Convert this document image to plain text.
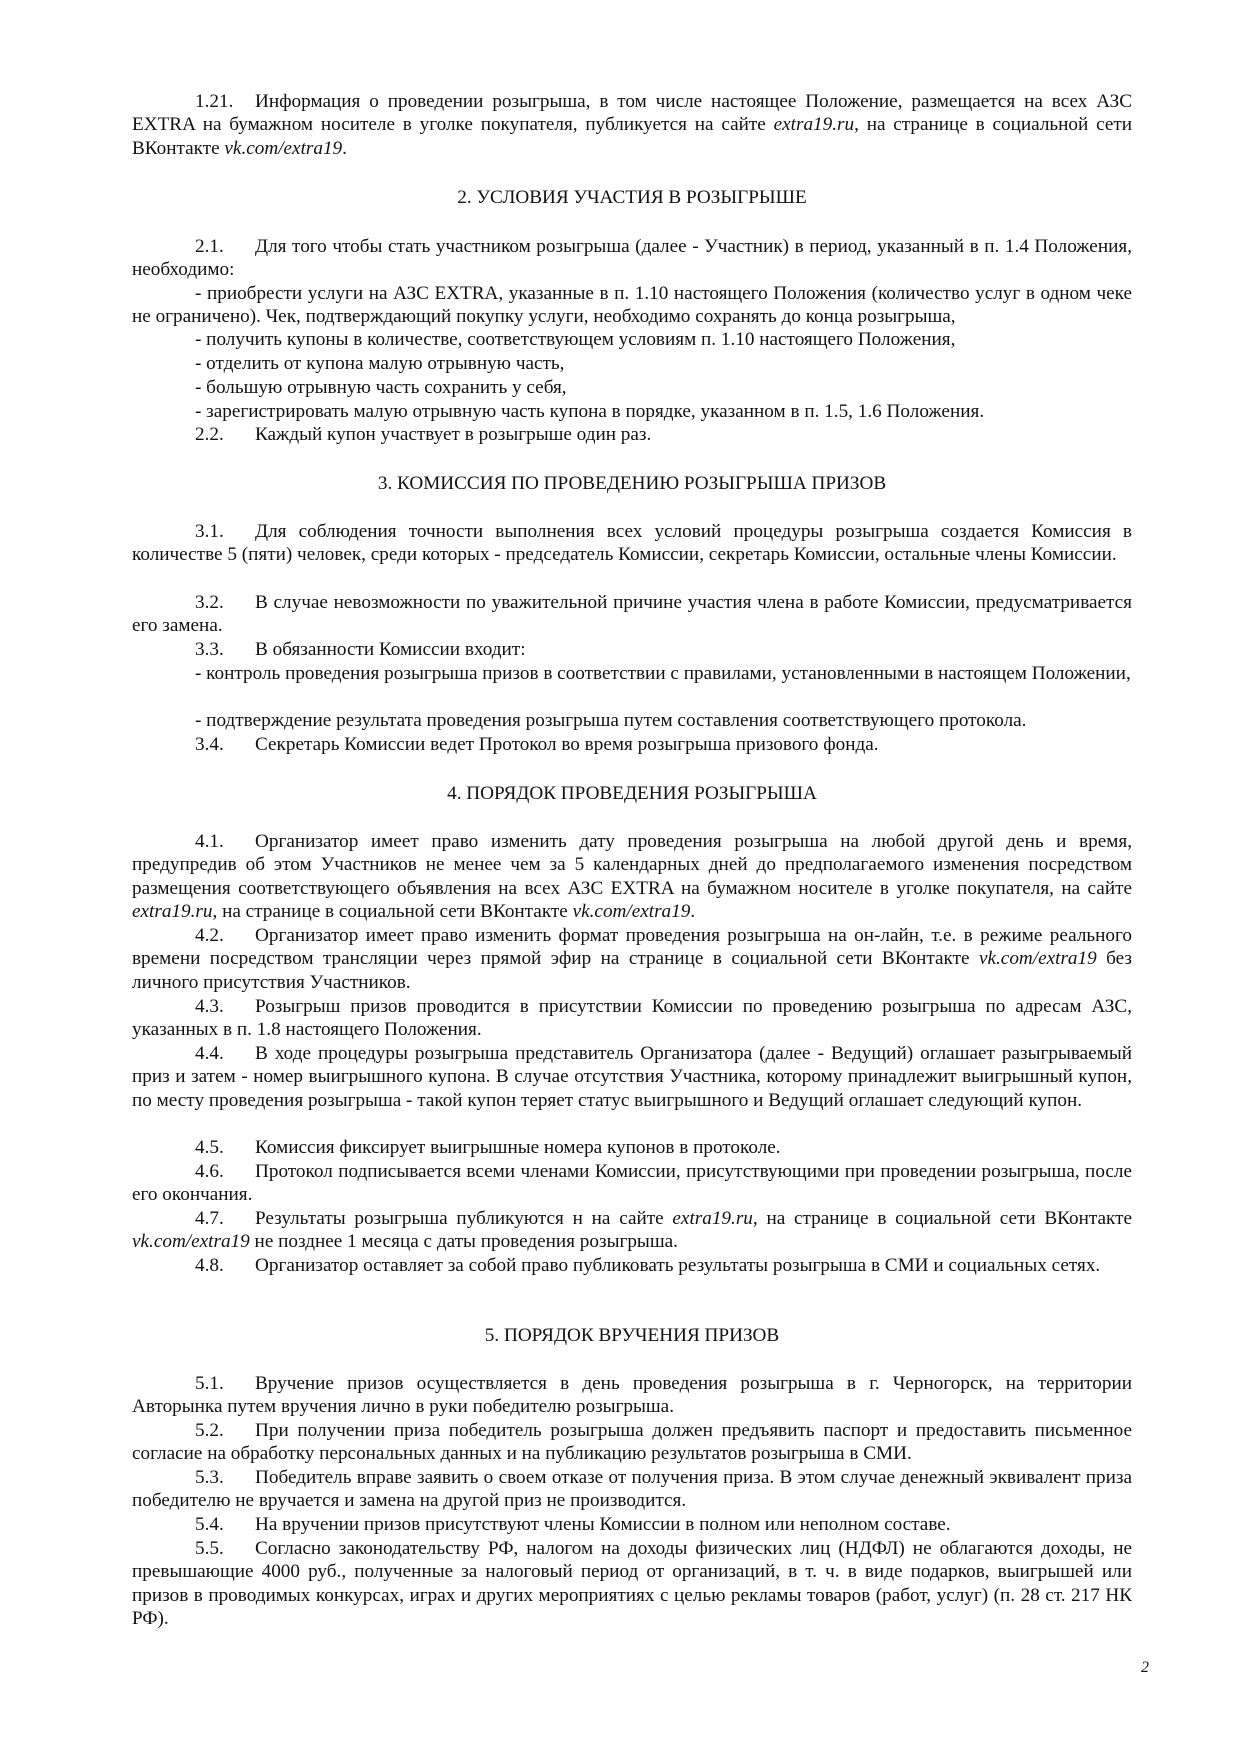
1.21. Информация о проведении розыгрыша, в том числе настоящее Положение, размещается на всех АЗС EXTRA на бумажном носителе в уголке покупателя, публикуется на сайте extra19.ru, на странице в социальной сети ВКонтакте vk.com/extra19.
2. УСЛОВИЯ УЧАСТИЯ В РОЗЫГРЫШЕ
2.1. Для того чтобы стать участником розыгрыша (далее - Участник) в период, указанный в п. 1.4 Положения, необходимо:
- приобрести услуги на АЗС EXTRA, указанные в п. 1.10 настоящего Положения (количество услуг в одном чеке не ограничено). Чек, подтверждающий покупку услуги, необходимо сохранять до конца розыгрыша,
- получить купоны в количестве, соответствующем условиям п. 1.10 настоящего Положения,
- отделить от купона малую отрывную часть,
- большую отрывную часть сохранить у себя,
- зарегистрировать малую отрывную часть купона в порядке, указанном в п. 1.5, 1.6 Положения.
2.2. Каждый купон участвует в розыгрыше один раз.
3. КОМИССИЯ ПО ПРОВЕДЕНИЮ РОЗЫГРЫША ПРИЗОВ
3.1. Для соблюдения точности выполнения всех условий процедуры розыгрыша создается Комиссия в количестве 5 (пяти) человек, среди которых - председатель Комиссии, секретарь Комиссии, остальные члены Комиссии.
3.2. В случае невозможности по уважительной причине участия члена в работе Комиссии, предусматривается его замена.
3.3. В обязанности Комиссии входит:
- контроль проведения розыгрыша призов в соответствии с правилами, установленными в настоящем Положении,
- подтверждение результата проведения розыгрыша путем составления соответствующего протокола.
3.4. Секретарь Комиссии ведет Протокол во время розыгрыша призового фонда.
4. ПОРЯДОК ПРОВЕДЕНИЯ РОЗЫГРЫША
4.1. Организатор имеет право изменить дату проведения розыгрыша на любой другой день и время, предупредив об этом Участников не менее чем за 5 календарных дней до предполагаемого изменения посредством размещения соответствующего объявления на всех АЗС EXTRA на бумажном носителе в уголке покупателя, на сайте extra19.ru, на странице в социальной сети ВКонтакте vk.com/extra19.
4.2. Организатор имеет право изменить формат проведения розыгрыша на он-лайн, т.е. в режиме реального времени посредством трансляции через прямой эфир на странице в социальной сети ВКонтакте vk.com/extra19 без личного присутствия Участников.
4.3. Розыгрыш призов проводится в присутствии Комиссии по проведению розыгрыша по адресам АЗС, указанных в п. 1.8 настоящего Положения.
4.4. В ходе процедуры розыгрыша представитель Организатора (далее - Ведущий) оглашает разыгрываемый приз и затем - номер выигрышного купона. В случае отсутствия Участника, которому принадлежит выигрышный купон, по месту проведения розыгрыша - такой купон теряет статус выигрышного и Ведущий оглашает следующий купон.
4.5. Комиссия фиксирует выигрышные номера купонов в протоколе.
4.6. Протокол подписывается всеми членами Комиссии, присутствующими при проведении розыгрыша, после его окончания.
4.7. Результаты розыгрыша публикуются н на сайте extra19.ru, на странице в социальной сети ВКонтакте vk.com/extra19 не позднее 1 месяца с даты проведения розыгрыша.
4.8. Организатор оставляет за собой право публиковать результаты розыгрыша в СМИ и социальных сетях.
5. ПОРЯДОК ВРУЧЕНИЯ ПРИЗОВ
5.1. Вручение призов осуществляется в день проведения розыгрыша в г. Черногорск, на территории Авторынка путем вручения лично в руки победителю розыгрыша.
5.2. При получении приза победитель розыгрыша должен предъявить паспорт и предоставить письменное согласие на обработку персональных данных и на публикацию результатов розыгрыша в СМИ.
5.3. Победитель вправе заявить о своем отказе от получения приза. В этом случае денежный эквивалент приза победителю не вручается и замена на другой приз не производится.
5.4. На вручении призов присутствуют члены Комиссии в полном или неполном составе.
5.5. Согласно законодательству РФ, налогом на доходы физических лиц (НДФЛ) не облагаются доходы, не превышающие 4000 руб., полученные за налоговый период от организаций, в т. ч. в виде подарков, выигрышей или призов в проводимых конкурсах, играх и других мероприятиях с целью рекламы товаров (работ, услуг) (п. 28 ст. 217 НК РФ).
2
